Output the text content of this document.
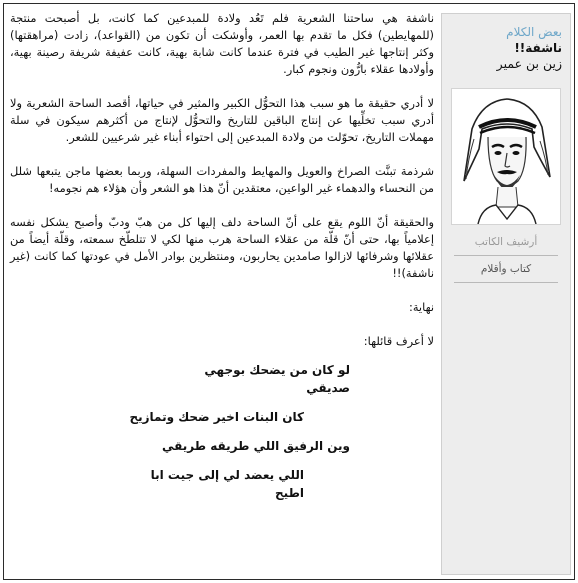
ناشفة هي ساحتنا الشعرية فلم تَعُد ولادة للمبدعين كما كانت، بل أصبحت منتجة (للمهايطين) فكل ما تقدم بها العمر، وأوشكت أن تكون من (القواعد)، زادت (مراهقتها) وكثر إنتاجها غير الطيب في فترة عندما كانت شابة بهية، كانت عفيفة شريفة رصينة بهية، وأولادها عقلاء بارُّون ونجوم كبار.

لا أدري حقيقة ما هو سبب هذا التحوُّل الكبير والمثير في حياتها، أقصد الساحة الشعرية ولا أدري سبب تخلِّيها عن إنتاج الباقين للتاريخ والتحوُّل لإنتاج من أكثرهم سيكون في سلة مهملات التاريخ، تحوّلت من ولادة المبدعين إلى احتواء أبناء غير شرعيين للشعر.

شرذمة تبنَّت الصراخ والعويل والمهايط والمفردات السهلة، وربما بعضها ماجن يتبعها شلل من النحساء والدهماء غير الواعين، معتقدين أنّ هذا هو الشعر وأن هؤلاء هم نجومه!

والحقيقة أنّ اللوم يقع على أنّ الساحة دلف إليها كل من هبّ ودبّ وأصبح يشكل نفسه إعلامياً بها، حتى أنّ قلّة من عقلاء الساحة هرب منها لكي لا تتلطّخ سمعته، وقلّة أيضاً من عقلائها وشرفائها لازالوا صامدين يحاربون، ومنتظرين بوادر الأمل في عودتها كما كانت (غير ناشفة)!!

نهاية:

لا أعرف قائلها:

لو كان من يضحك بوجهي
صديقي
كان البنات اخير ضحك وتمازيح
وين الرفيق اللي طريقه طريقي
اللي يعضد لي إلى جيت ابا
اطيح
بعض الكلام
ناشفة!!
زين بن عمير
أرشيف الكاتب
كتاب وأقلام
